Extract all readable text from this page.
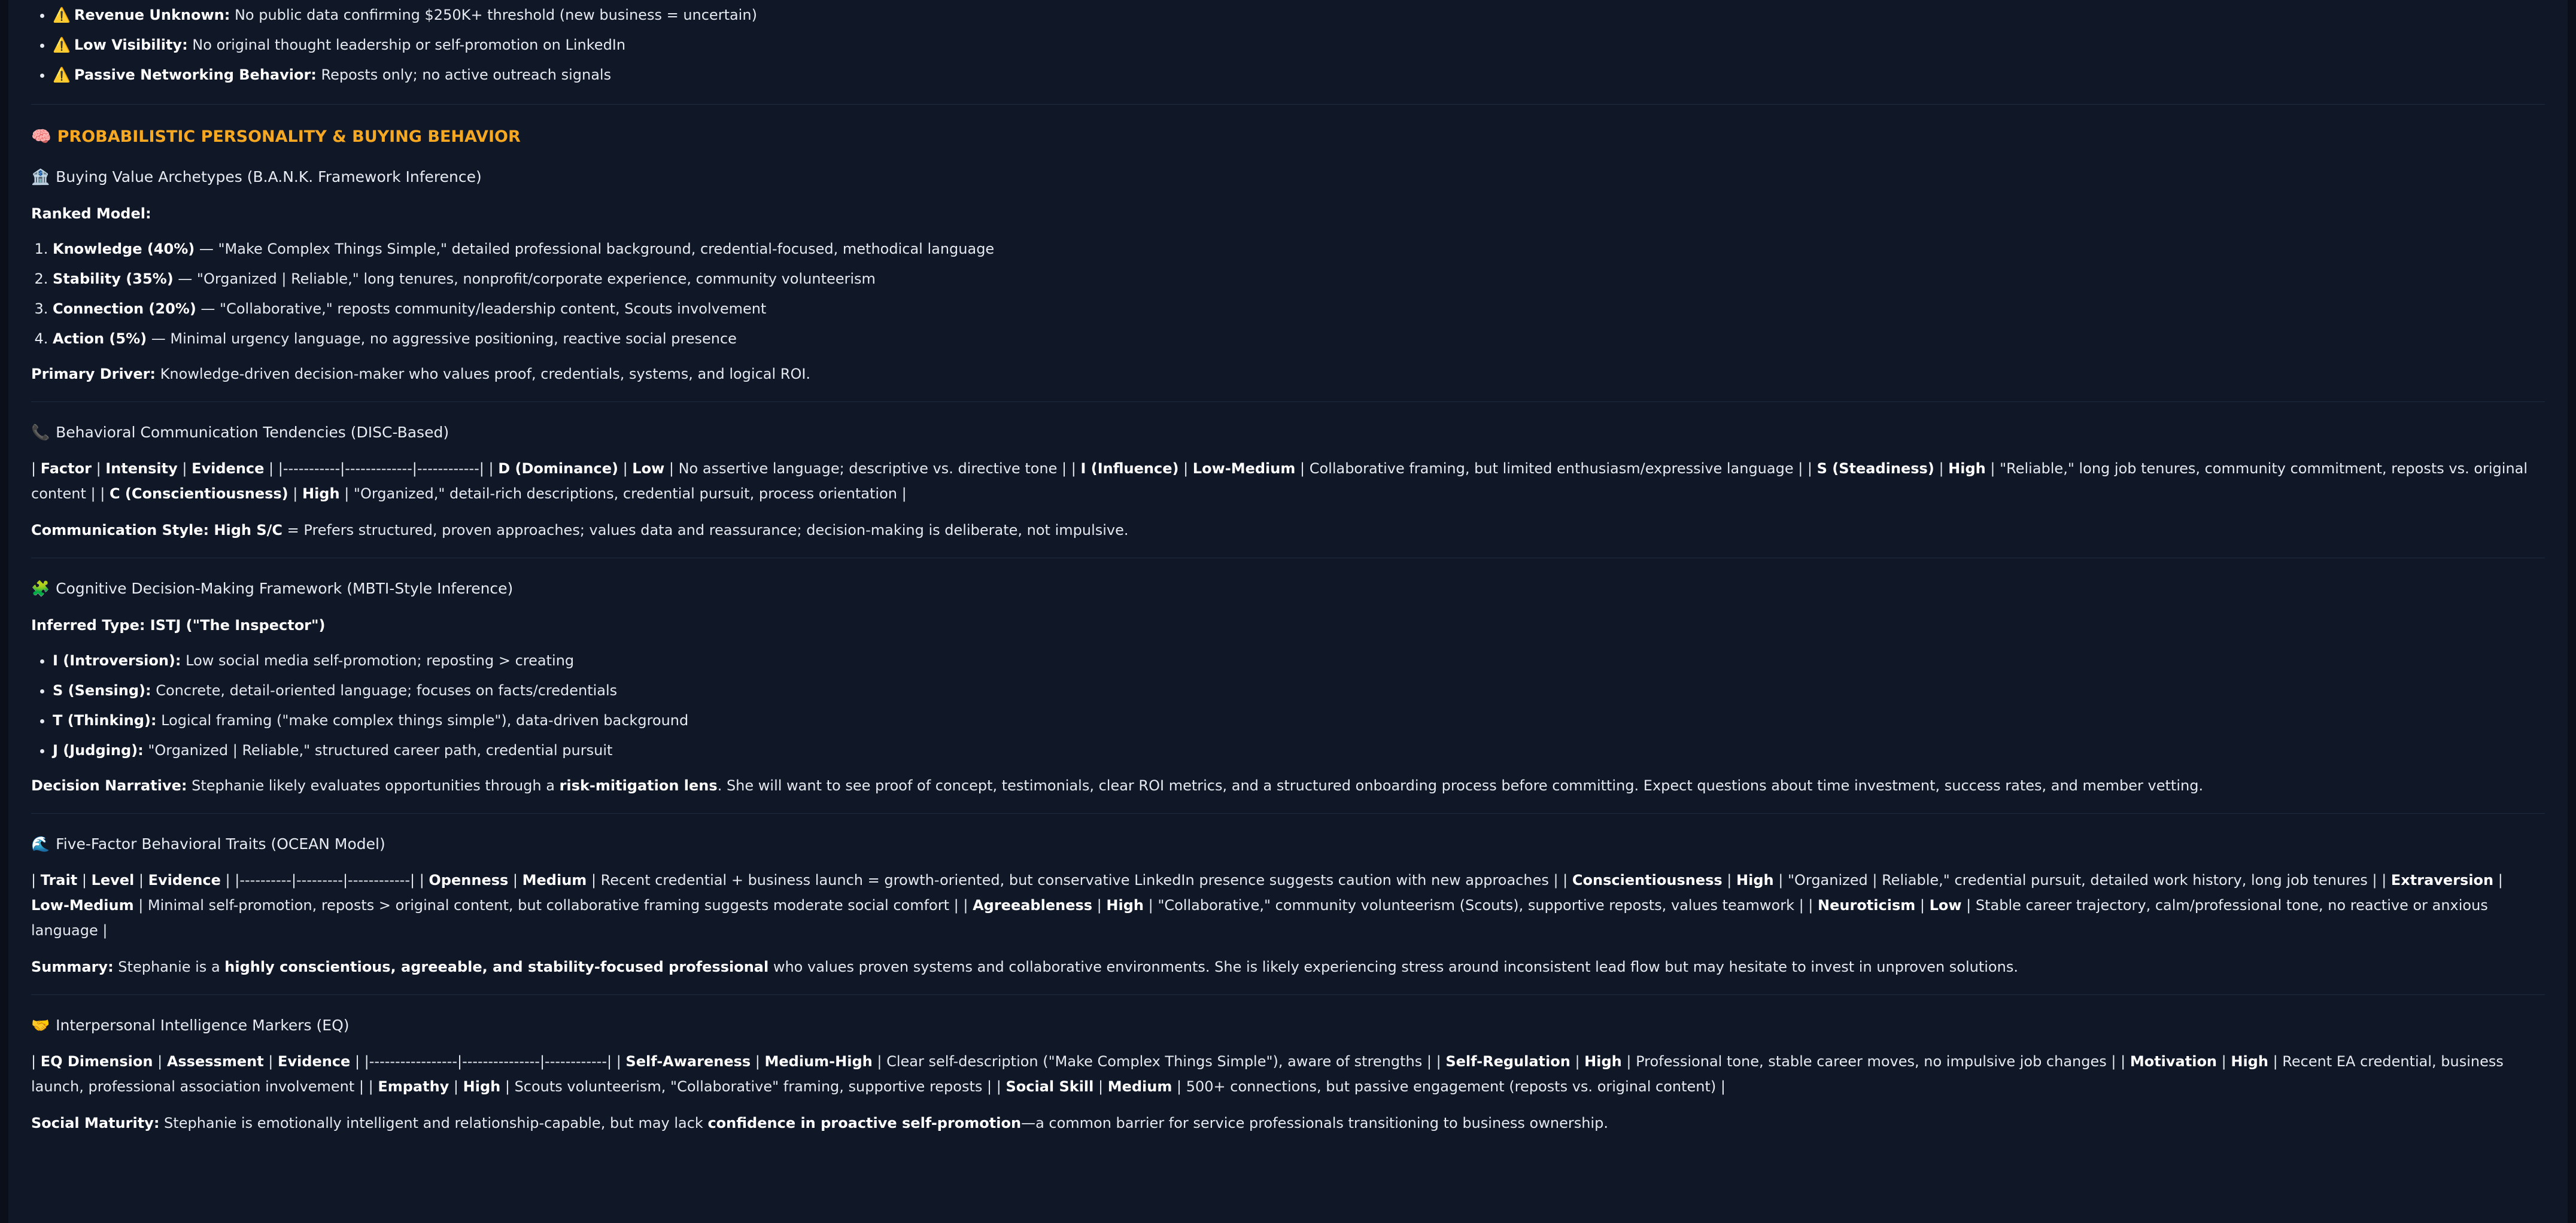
• ⚠️ Revenue Unknown: No public data confirming $250K+ threshold (new business = uncertain)
• ⚠️ Low Visibility: No original thought leadership or self-promotion on LinkedIn
• ⚠️ Passive Networking Behavior: Reposts only; no active outreach signals
🧠 PROBABILISTIC PERSONALITY & BUYING BEHAVIOR
🏦 Buying Value Archetypes (B.A.N.K. Framework Inference)

Ranked Model:

1. Knowledge (40%) — "Make Complex Things Simple," detailed professional background, credential-focused, methodical language
2. Stability (35%) — "Organized | Reliable," long tenures, nonprofit/corporate experience, community volunteerism
3. Connection (20%) — "Collaborative," reposts community/leadership content, Scouts involvement
4. Action (5%) — Minimal urgency language, no aggressive positioning, reactive social presence

Primary Driver: Knowledge-driven decision-maker who values proof, credentials, systems, and logical ROI.

📞 Behavioral Communication Tendencies (DISC-Based)

| Factor | Intensity | Evidence | |-----------|-------------|------------| | D (Dominance) | Low | No assertive language; descriptive vs. directive tone | | I (Influence) | Low-Medium | Collaborative framing, but limited enthusiasm/expressive language | | S (Steadiness) | High | "Reliable," long job tenures, community commitment, reposts vs. original content | | C (Conscientiousness) | High | "Organized," detail-rich descriptions, credential pursuit, process orientation |

Communication Style: High S/C = Prefers structured, proven approaches; values data and reassurance; decision-making is deliberate, not impulsive.

🧩 Cognitive Decision-Making Framework (MBTI-Style Inference)

Inferred Type: ISTJ ("The Inspector")

• I (Introversion): Low social media self-promotion; reposting > creating
• S (Sensing): Concrete, detail-oriented language; focuses on facts/credentials
• T (Thinking): Logical framing ("make complex things simple"), data-driven background
• J (Judging): "Organized | Reliable," structured career path, credential pursuit

Decision Narrative: Stephanie likely evaluates opportunities through a risk-mitigation lens. She will want to see proof of concept, testimonials, clear ROI metrics, and a structured onboarding process before committing. Expect questions about time investment, success rates, and member vetting.

🌊 Five-Factor Behavioral Traits (OCEAN Model)

| Trait | Level | Evidence | |----------|---------|------------| | Openness | Medium | Recent credential + business launch = growth-oriented, but conservative LinkedIn presence suggests caution with new approaches | | Conscientiousness | High | "Organized | Reliable," credential pursuit, detailed work history, long job tenures | | Extraversion | Low-Medium | Minimal self-promotion, reposts > original content, but collaborative framing suggests moderate social comfort | | Agreeableness | High | "Collaborative," community volunteerism (Scouts), supportive reposts, values teamwork | | Neuroticism | Low | Stable career trajectory, calm/professional tone, no reactive or anxious language |

Summary: Stephanie is a highly conscientious, agreeable, and stability-focused professional who values proven systems and collaborative environments. She is likely experiencing stress around inconsistent lead flow but may hesitate to invest in unproven solutions.

🤝 Interpersonal Intelligence Markers (EQ)

| EQ Dimension | Assessment | Evidence | |-----------------|---------------|------------| | Self-Awareness | Medium-High | Clear self-description ("Make Complex Things Simple"), aware of strengths | | Self-Regulation | High | Professional tone, stable career moves, no impulsive job changes | | Motivation | High | Recent EA credential, business launch, professional association involvement | | Empathy | High | Scouts volunteerism, "Collaborative" framing, supportive reposts | | Social Skill | Medium | 500+ connections, but passive engagement (reposts vs. original content) |

Social Maturity: Stephanie is emotionally intelligent and relationship-capable, but may lack confidence in proactive self-promotion—a common barrier for service professionals transitioning to business ownership.
